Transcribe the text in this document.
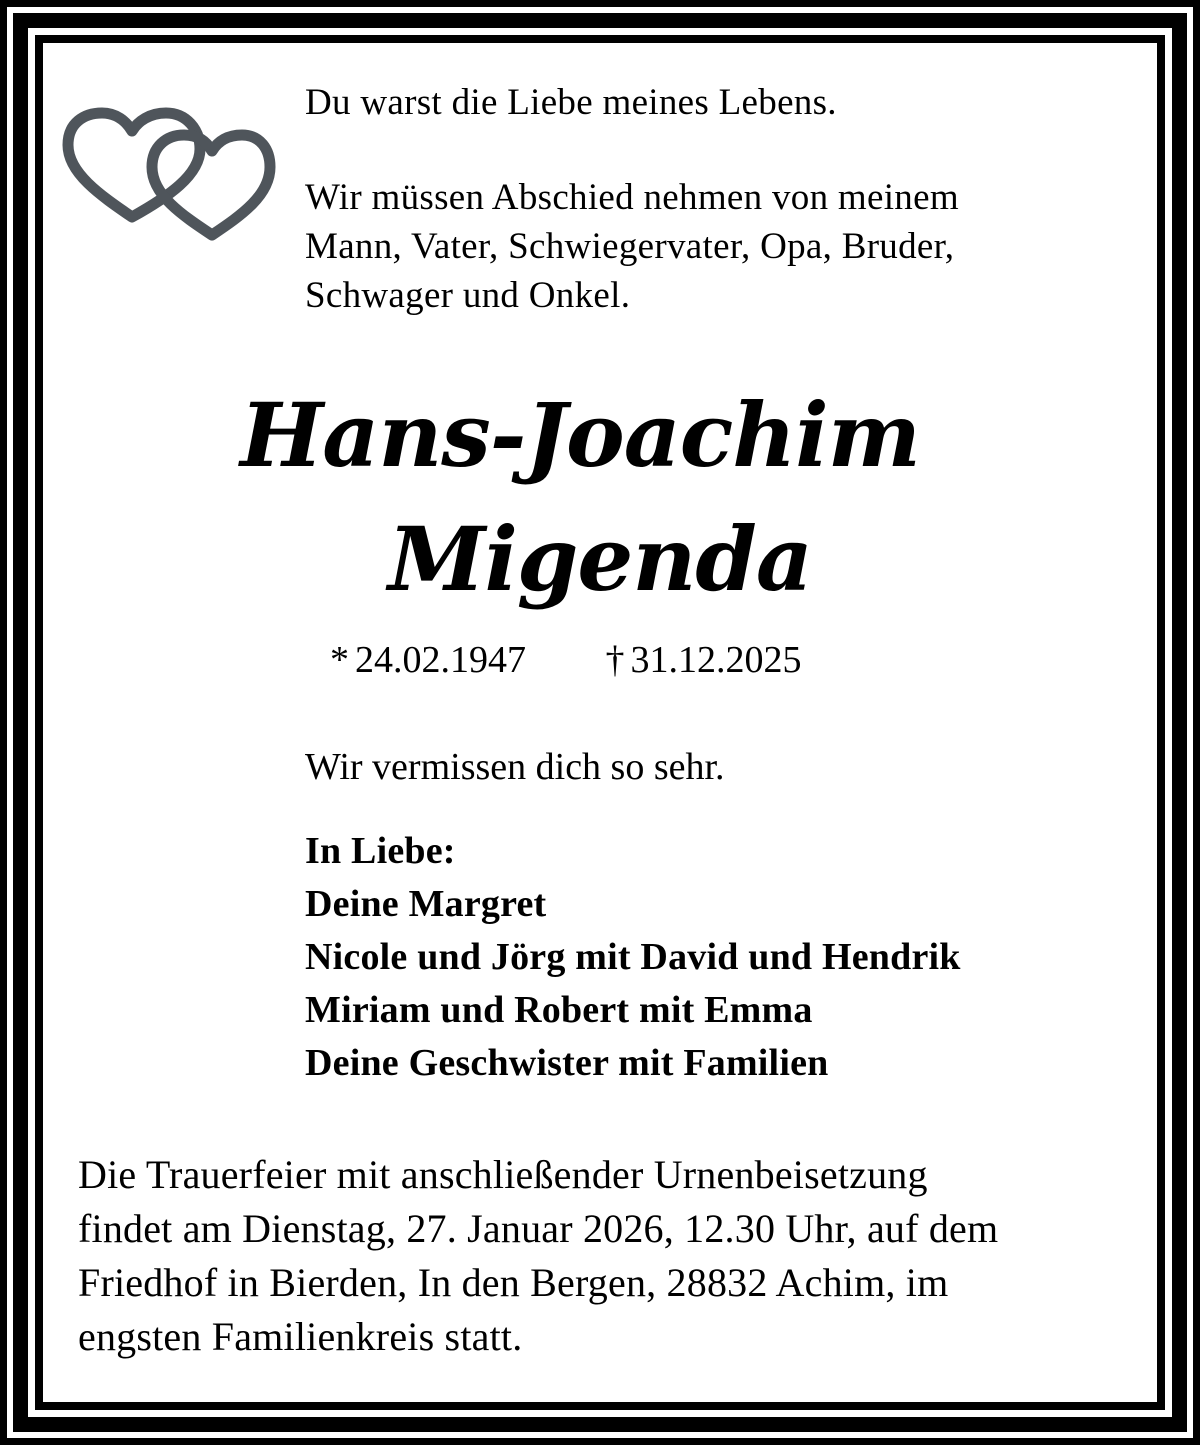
Du warst die Liebe meines Lebens.

Wir müssen Abschied nehmen von meinem

Mann, Vater, Schwiegervater, Opa, Bruder,

Schwager und Onkel.

Hans-Joachim
Migenda
* 24.02.1947 † 31.12.2025
Wir vermissen dich so sehr.
In Liebe:
Deine Margret
Nicole und Jörg mit David und Hendrik
Miriam und Robert mit Emma
Deine Geschwister mit Familien
Die Trauerfeier mit anschließender Urnenbeisetzung
findet am Dienstag, 27. Januar 2026, 12.30 Uhr, auf dem
Friedhof in Bierden, In den Bergen, 28832 Achim, im
engsten Familienkreis statt.
